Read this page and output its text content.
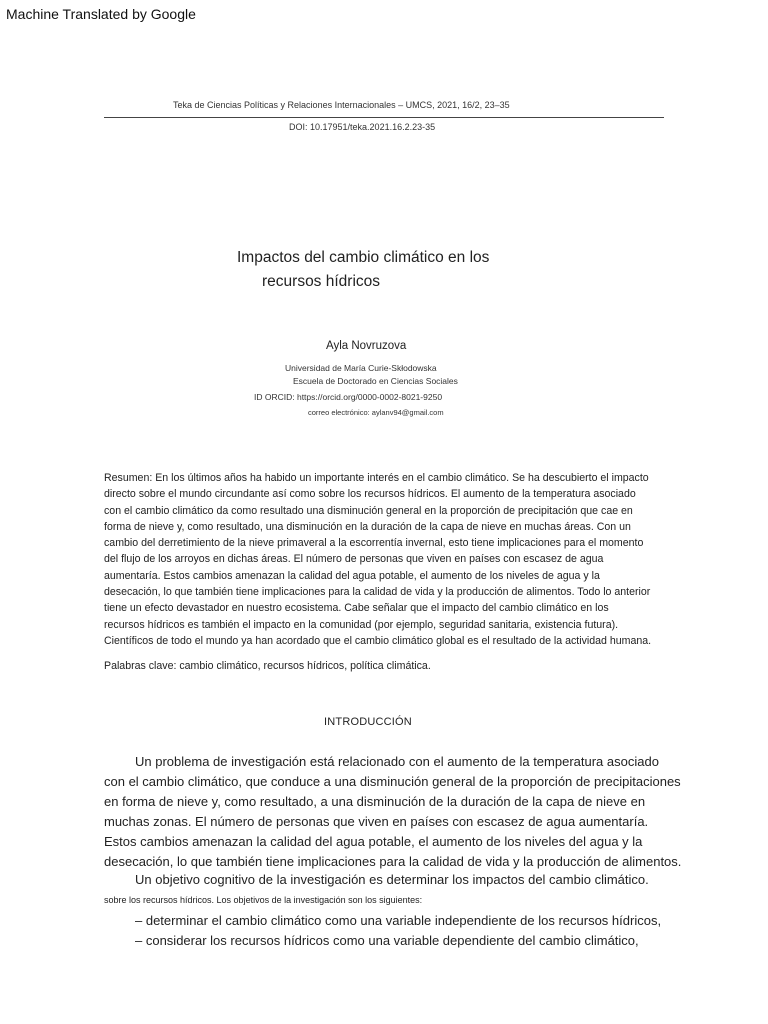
Machine Translated by Google
Teka de Ciencias Políticas y Relaciones Internacionales – UMCS, 2021, 16/2, 23–35
DOI: 10.17951/teka.2021.16.2.23-35
Impactos del cambio climático en los
recursos hídricos
Ayla Novruzova
Universidad de María Curie-Skłodowska
Escuela de Doctorado en Ciencias Sociales
ID ORCID: https://orcid.org/0000-0002-8021-9250
correo electrónico: aylanv94@gmail.com
Resumen: En los últimos años ha habido un importante interés en el cambio climático. Se ha descubierto el impacto
directo sobre el mundo circundante así como sobre los recursos hídricos. El aumento de la temperatura asociado
con el cambio climático da como resultado una disminución general en la proporción de precipitación que cae en
forma de nieve y, como resultado, una disminución en la duración de la capa de nieve en muchas áreas. Con un
cambio del derretimiento de la nieve primaveral a la escorrentía invernal, esto tiene implicaciones para el momento
del flujo de los arroyos en dichas áreas. El número de personas que viven en países con escasez de agua
aumentaría. Estos cambios amenazan la calidad del agua potable, el aumento de los niveles de agua y la
desecación, lo que también tiene implicaciones para la calidad de vida y la producción de alimentos. Todo lo anterior
tiene un efecto devastador en nuestro ecosistema. Cabe señalar que el impacto del cambio climático en los
recursos hídricos es también el impacto en la comunidad (por ejemplo, seguridad sanitaria, existencia futura).
Científicos de todo el mundo ya han acordado que el cambio climático global es el resultado de la actividad humana.
Palabras clave: cambio climático, recursos hídricos, política climática.
INTRODUCCIÓN
Un problema de investigación está relacionado con el aumento de la temperatura asociado
con el cambio climático, que conduce a una disminución general de la proporción de precipitaciones
en forma de nieve y, como resultado, a una disminución de la duración de la capa de nieve en
muchas zonas. El número de personas que viven en países con escasez de agua aumentaría.
Estos cambios amenazan la calidad del agua potable, el aumento de los niveles del agua y la
desecación, lo que también tiene implicaciones para la calidad de vida y la producción de alimentos.
Un objetivo cognitivo de la investigación es determinar los impactos del cambio climático.
sobre los recursos hídricos. Los objetivos de la investigación son los siguientes:
– determinar el cambio climático como una variable independiente de los recursos hídricos,
– considerar los recursos hídricos como una variable dependiente del cambio climático,
